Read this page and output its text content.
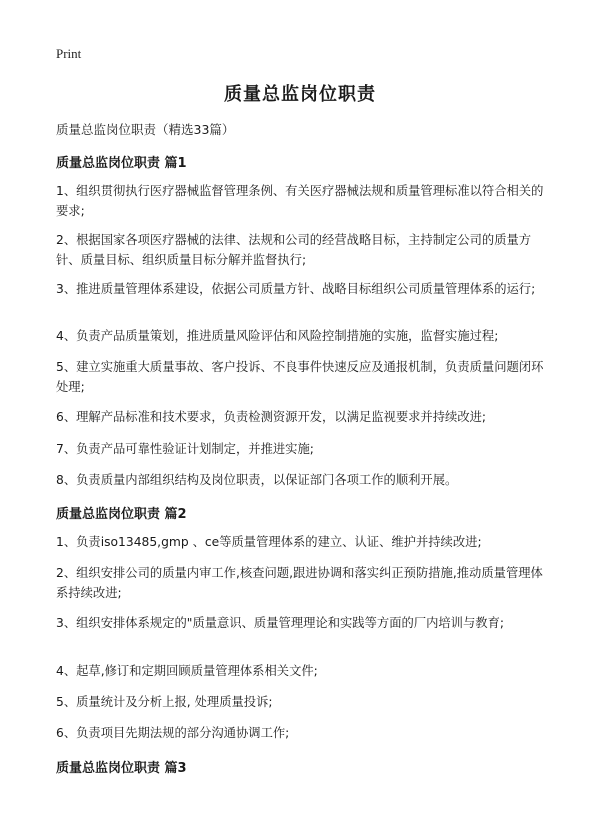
Print
质量总监岗位职责
质量总监岗位职责（精选33篇）
质量总监岗位职责 篇1
1、组织贯彻执行医疗器械监督管理条例、有关医疗器械法规和质量管理标准以符合相关的要求;
2、根据国家各项医疗器械的法律、法规和公司的经营战略目标，主持制定公司的质量方针、质量目标、组织质量目标分解并监督执行;
3、推进质量管理体系建设，依据公司质量方针、战略目标组织公司质量管理体系的运行;
4、负责产品质量策划，推进质量风险评估和风险控制措施的实施，监督实施过程;
5、建立实施重大质量事故、客户投诉、不良事件快速反应及通报机制，负责质量问题闭环处理;
6、理解产品标准和技术要求，负责检测资源开发，以满足监视要求并持续改进;
7、负责产品可靠性验证计划制定，并推进实施;
8、负责质量内部组织结构及岗位职责，以保证部门各项工作的顺利开展。
质量总监岗位职责 篇2
1、负责iso13485,gmp 、ce等质量管理体系的建立、认证、维护并持续改进;
2、组织安排公司的质量内审工作,核查问题,跟进协调和落实纠正预防措施,推动质量管理体系持续改进;
3、组织安排体系规定的"质量意识、质量管理理论和实践等方面的厂内培训与教育;
4、起草,修订和定期回顾质量管理体系相关文件;
5、质量统计及分析上报, 处理质量投诉;
6、负责项目先期法规的部分沟通协调工作;
质量总监岗位职责 篇3
